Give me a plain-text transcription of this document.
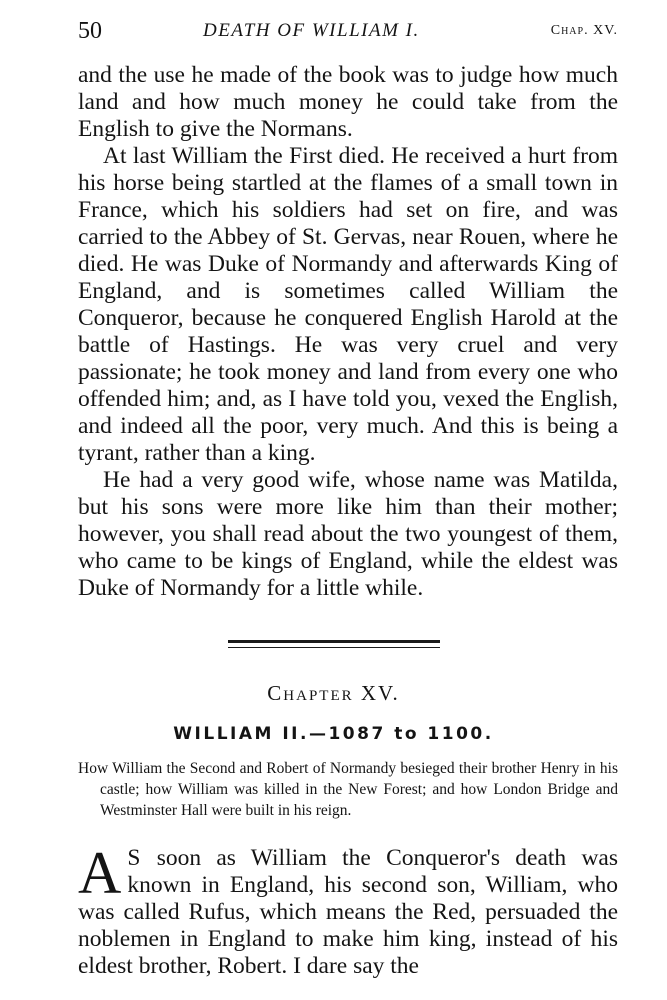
50	DEATH OF WILLIAM I.	Chap. XV.

and the use he made of the book was to judge how much land and how much money he could take from the English to give the Normans.

At last William the First died. He received a hurt from his horse being startled at the flames of a small town in France, which his soldiers had set on fire, and was carried to the Abbey of St. Gervas, near Rouen, where he died. He was Duke of Normandy and afterwards King of England, and is sometimes called William the Conqueror, because he conquered English Harold at the battle of Hastings. He was very cruel and very passionate; he took money and land from every one who offended him; and, as I have told you, vexed the English, and indeed all the poor, very much. And this is being a tyrant, rather than a king.

He had a very good wife, whose name was Matilda, but his sons were more like him than their mother; however, you shall read about the two youngest of them, who came to be kings of England, while the eldest was Duke of Normandy for a little while.

Chapter XV.
WILLIAM II.—1087 to 1100.

How William the Second and Robert of Normandy besieged their brother Henry in his castle; how William was killed in the New Forest; and how London Bridge and Westminster Hall were built in his reign.

A S soon as William the Conqueror's death was known in England, his second son, William, who was called Rufus, which means the Red, persuaded the noblemen in England to make him king, instead of his eldest brother, Robert. I dare say the
